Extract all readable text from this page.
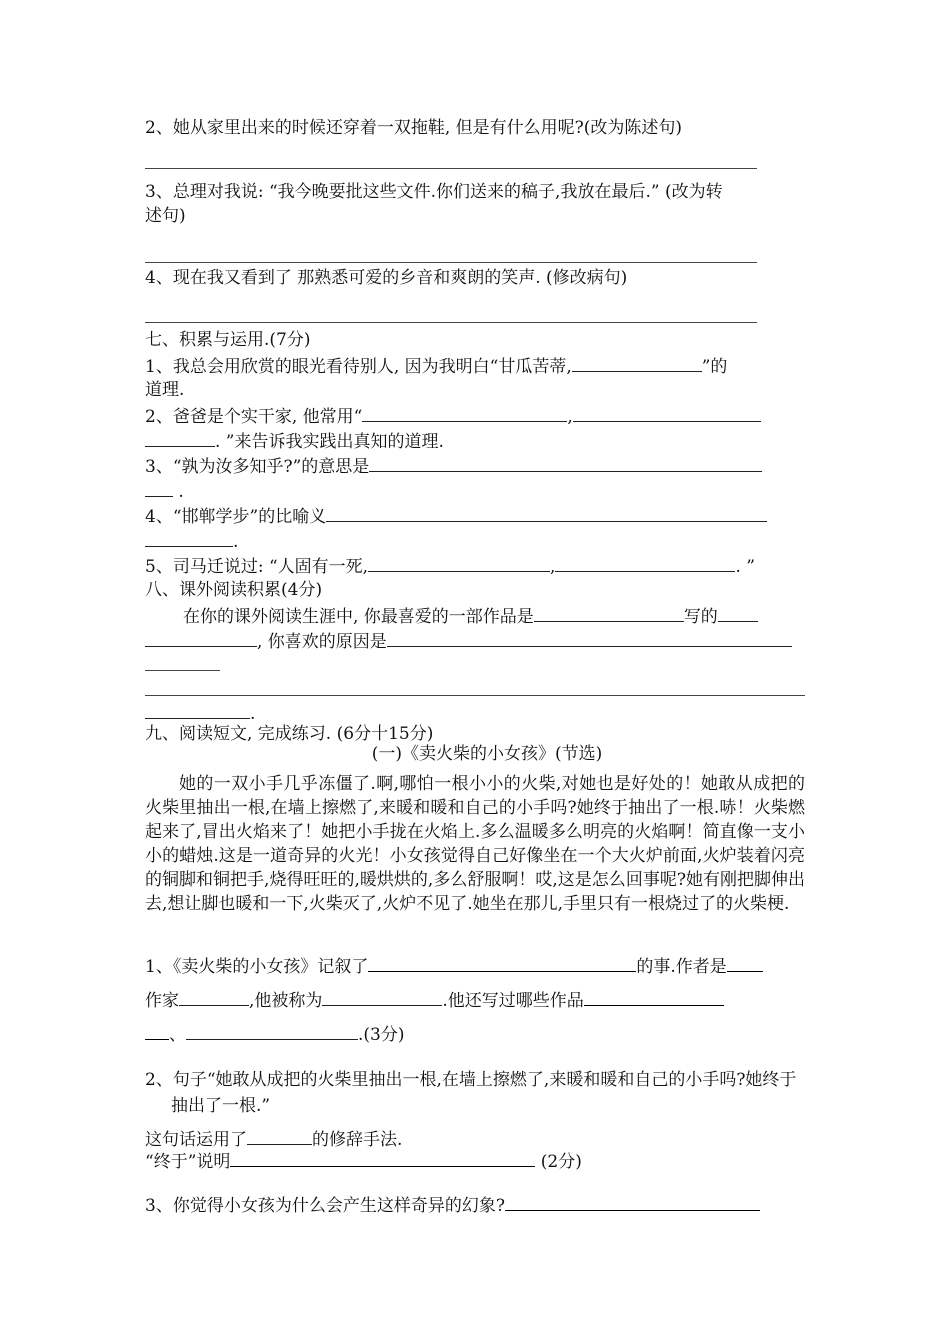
2、她从家里出来的时候还穿着一双拖鞋, 但是有什么用呢?(改为陈述句)
3、总理对我说: “我今晚要批这些文件.你们送来的稿子,我放在最后.” (改为转
述句)
4、现在我又看到了 那熟悉可爱的乡音和爽朗的笑声. (修改病句)
七、积累与运用.(7分)
1、我总会用欣赏的眼光看待别人, 因为我明白“甘瓜苦蒂,	”的
道理.
2、爸爸是个实干家, 他常用“	,
. ”来告诉我实践出真知的道理.
3、“孰为汝多知乎?”的意思是
.
4、“邯郸学步”的比喻义
.
5、司马迁说过: “人固有一死,	,	. ”
八、课外阅读积累(4分)
在你的课外阅读生涯中, 你最喜爱的一部作品是	写的
, 你喜欢的原因是
.
九、阅读短文, 完成练习. (6分十15分)
(一)《卖火柴的小女孩》(节选)
她的一双小手几乎冻僵了.啊,哪怕一根小小的火柴,对她也是好处的！她敢从成把的火柴里抽出一根,在墙上擦燃了,来暖和暖和自己的小手吗?她终于抽出了一根.哧！火柴燃起来了,冒出火焰来了！她把小手拢在火焰上.多么温暖多么明亮的火焰啊！简直像一支小小的蜡烛.这是一道奇异的火光！小女孩觉得自己好像坐在一个大火炉前面,火炉装着闪亮的铜脚和铜把手,烧得旺旺的,暖烘烘的,多么舒服啊！哎,这是怎么回事呢?她有刚把脚伸出去,想让脚也暖和一下,火柴灭了,火炉不见了.她坐在那儿,手里只有一根烧过了的火柴梗.
1、《卖火柴的小女孩》记叙了	的事.作者是
作家	,他被称为	.他还写过哪些作品
、	.(3分)
2、句子“她敢从成把的火柴里抽出一根,在墙上擦燃了,来暖和暖和自己的小手吗?她终于抽出了一根.”
这句话运用了	的修辞手法.
“终于”说明	(2分)
3、你觉得小女孩为什么会产生这样奇异的幻象?
